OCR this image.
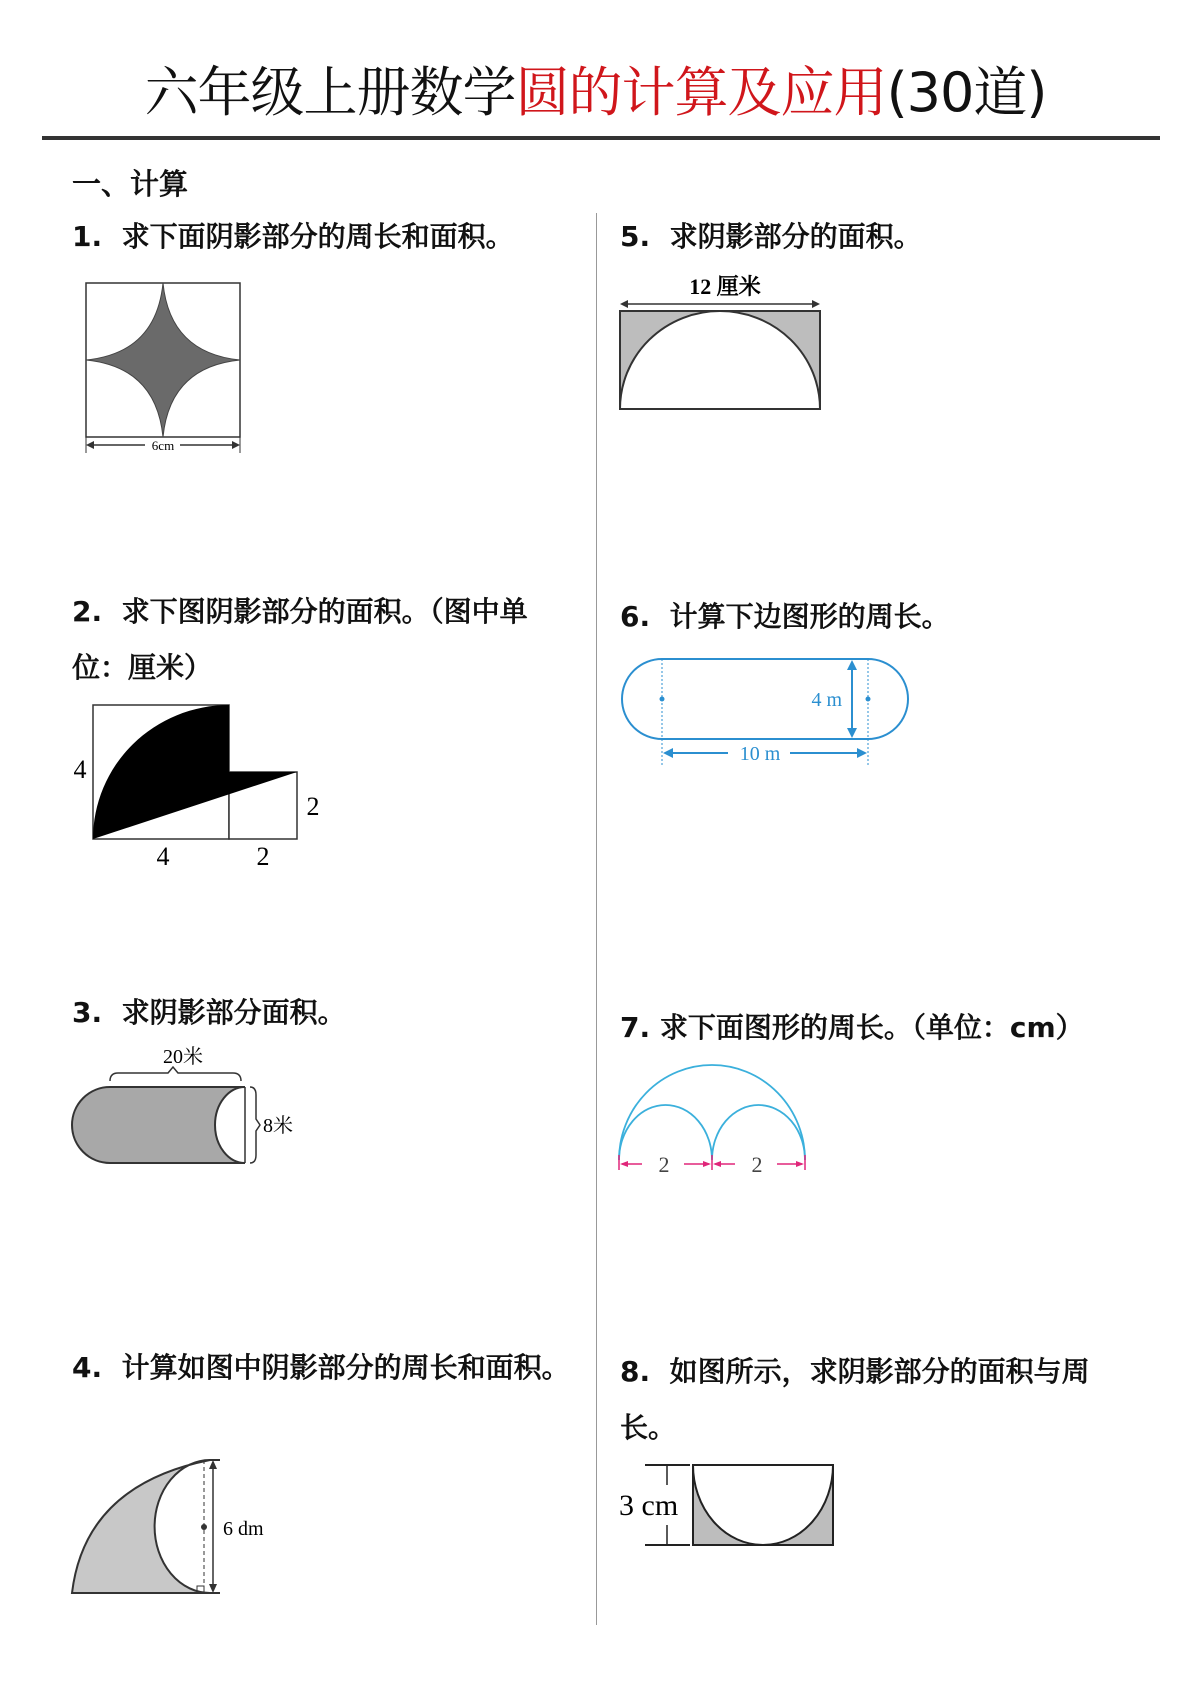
六年级上册数学圆的计算及应用(30道)
一、计算
1. 求下面阴影部分的周长和面积。
6cm
2. 求下图阴影部分的面积。（图中单位：厘米）
4
4
2
2
3. 求阴影部分面积。
20米
8米
4. 计算如图中阴影部分的周长和面积。
6 dm
5. 求阴影部分的面积。
12 厘米
6. 计算下边图形的周长。
4 m
10 m
7. 求下面图形的周长。（单位：cm）
2	2
8. 如图所示，求阴影部分的面积与周长。
3 cm
